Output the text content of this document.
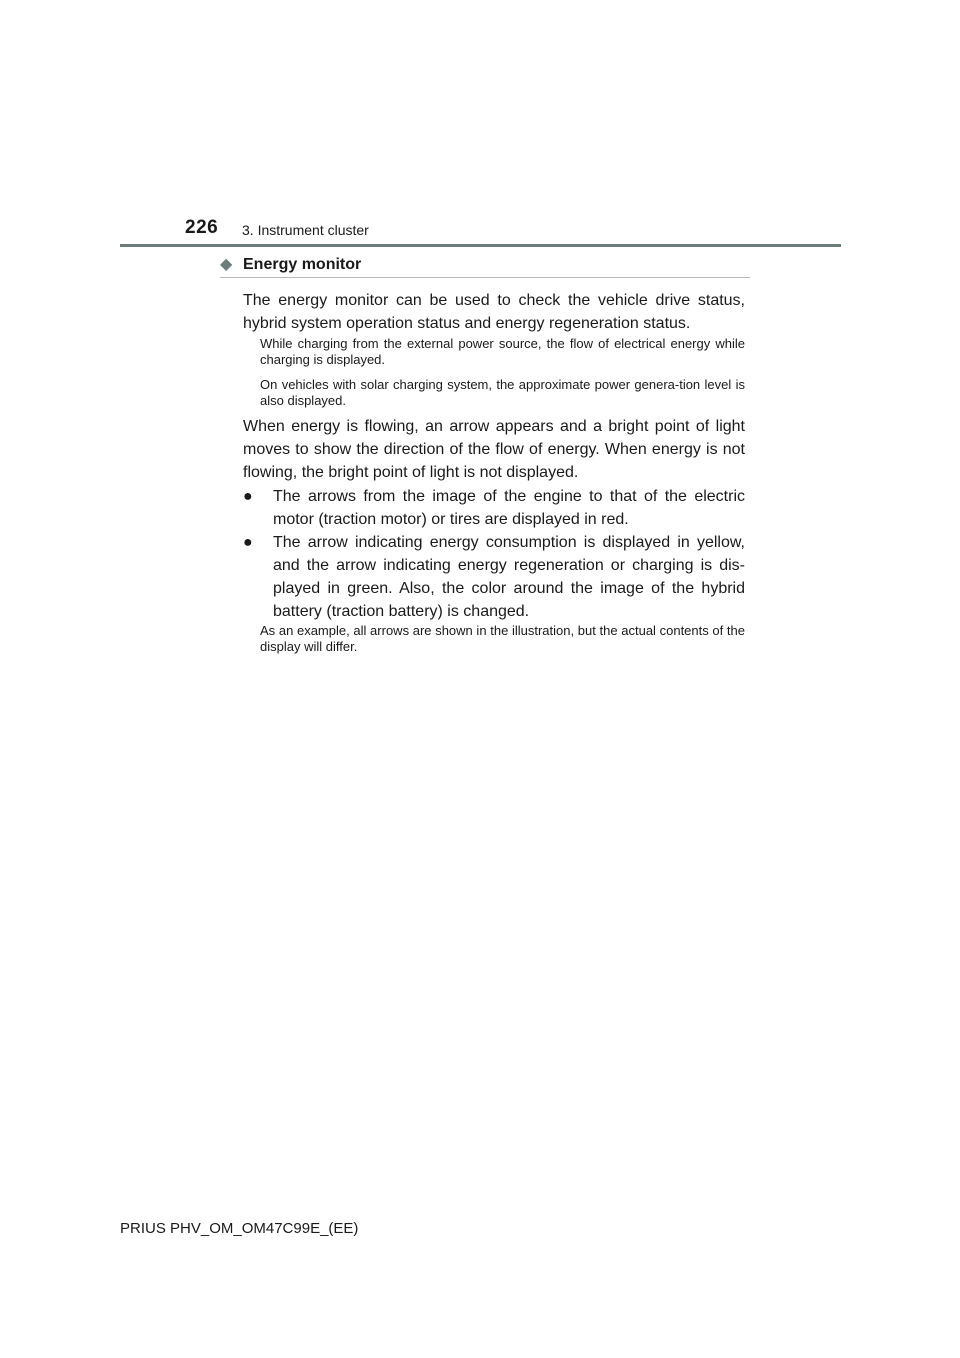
226 3. Instrument cluster
◆ Energy monitor

The energy monitor can be used to check the vehicle drive status, hybrid system operation status and energy regeneration status.

While charging from the external power source, the flow of electrical energy while charging is displayed.

On vehicles with solar charging system, the approximate power genera-tion level is also displayed.

When energy is flowing, an arrow appears and a bright point of light moves to show the direction of the flow of energy. When energy is not flowing, the bright point of light is not displayed.

● The arrows from the image of the engine to that of the electric motor (traction motor) or tires are displayed in red.

● The arrow indicating energy consumption is displayed in yellow, and the arrow indicating energy regeneration or charging is dis-played in green. Also, the color around the image of the hybrid battery (traction battery) is changed.

As an example, all arrows are shown in the illustration, but the actual contents of the display will differ.

PRIUS PHV_OM_OM47C99E_(EE)
